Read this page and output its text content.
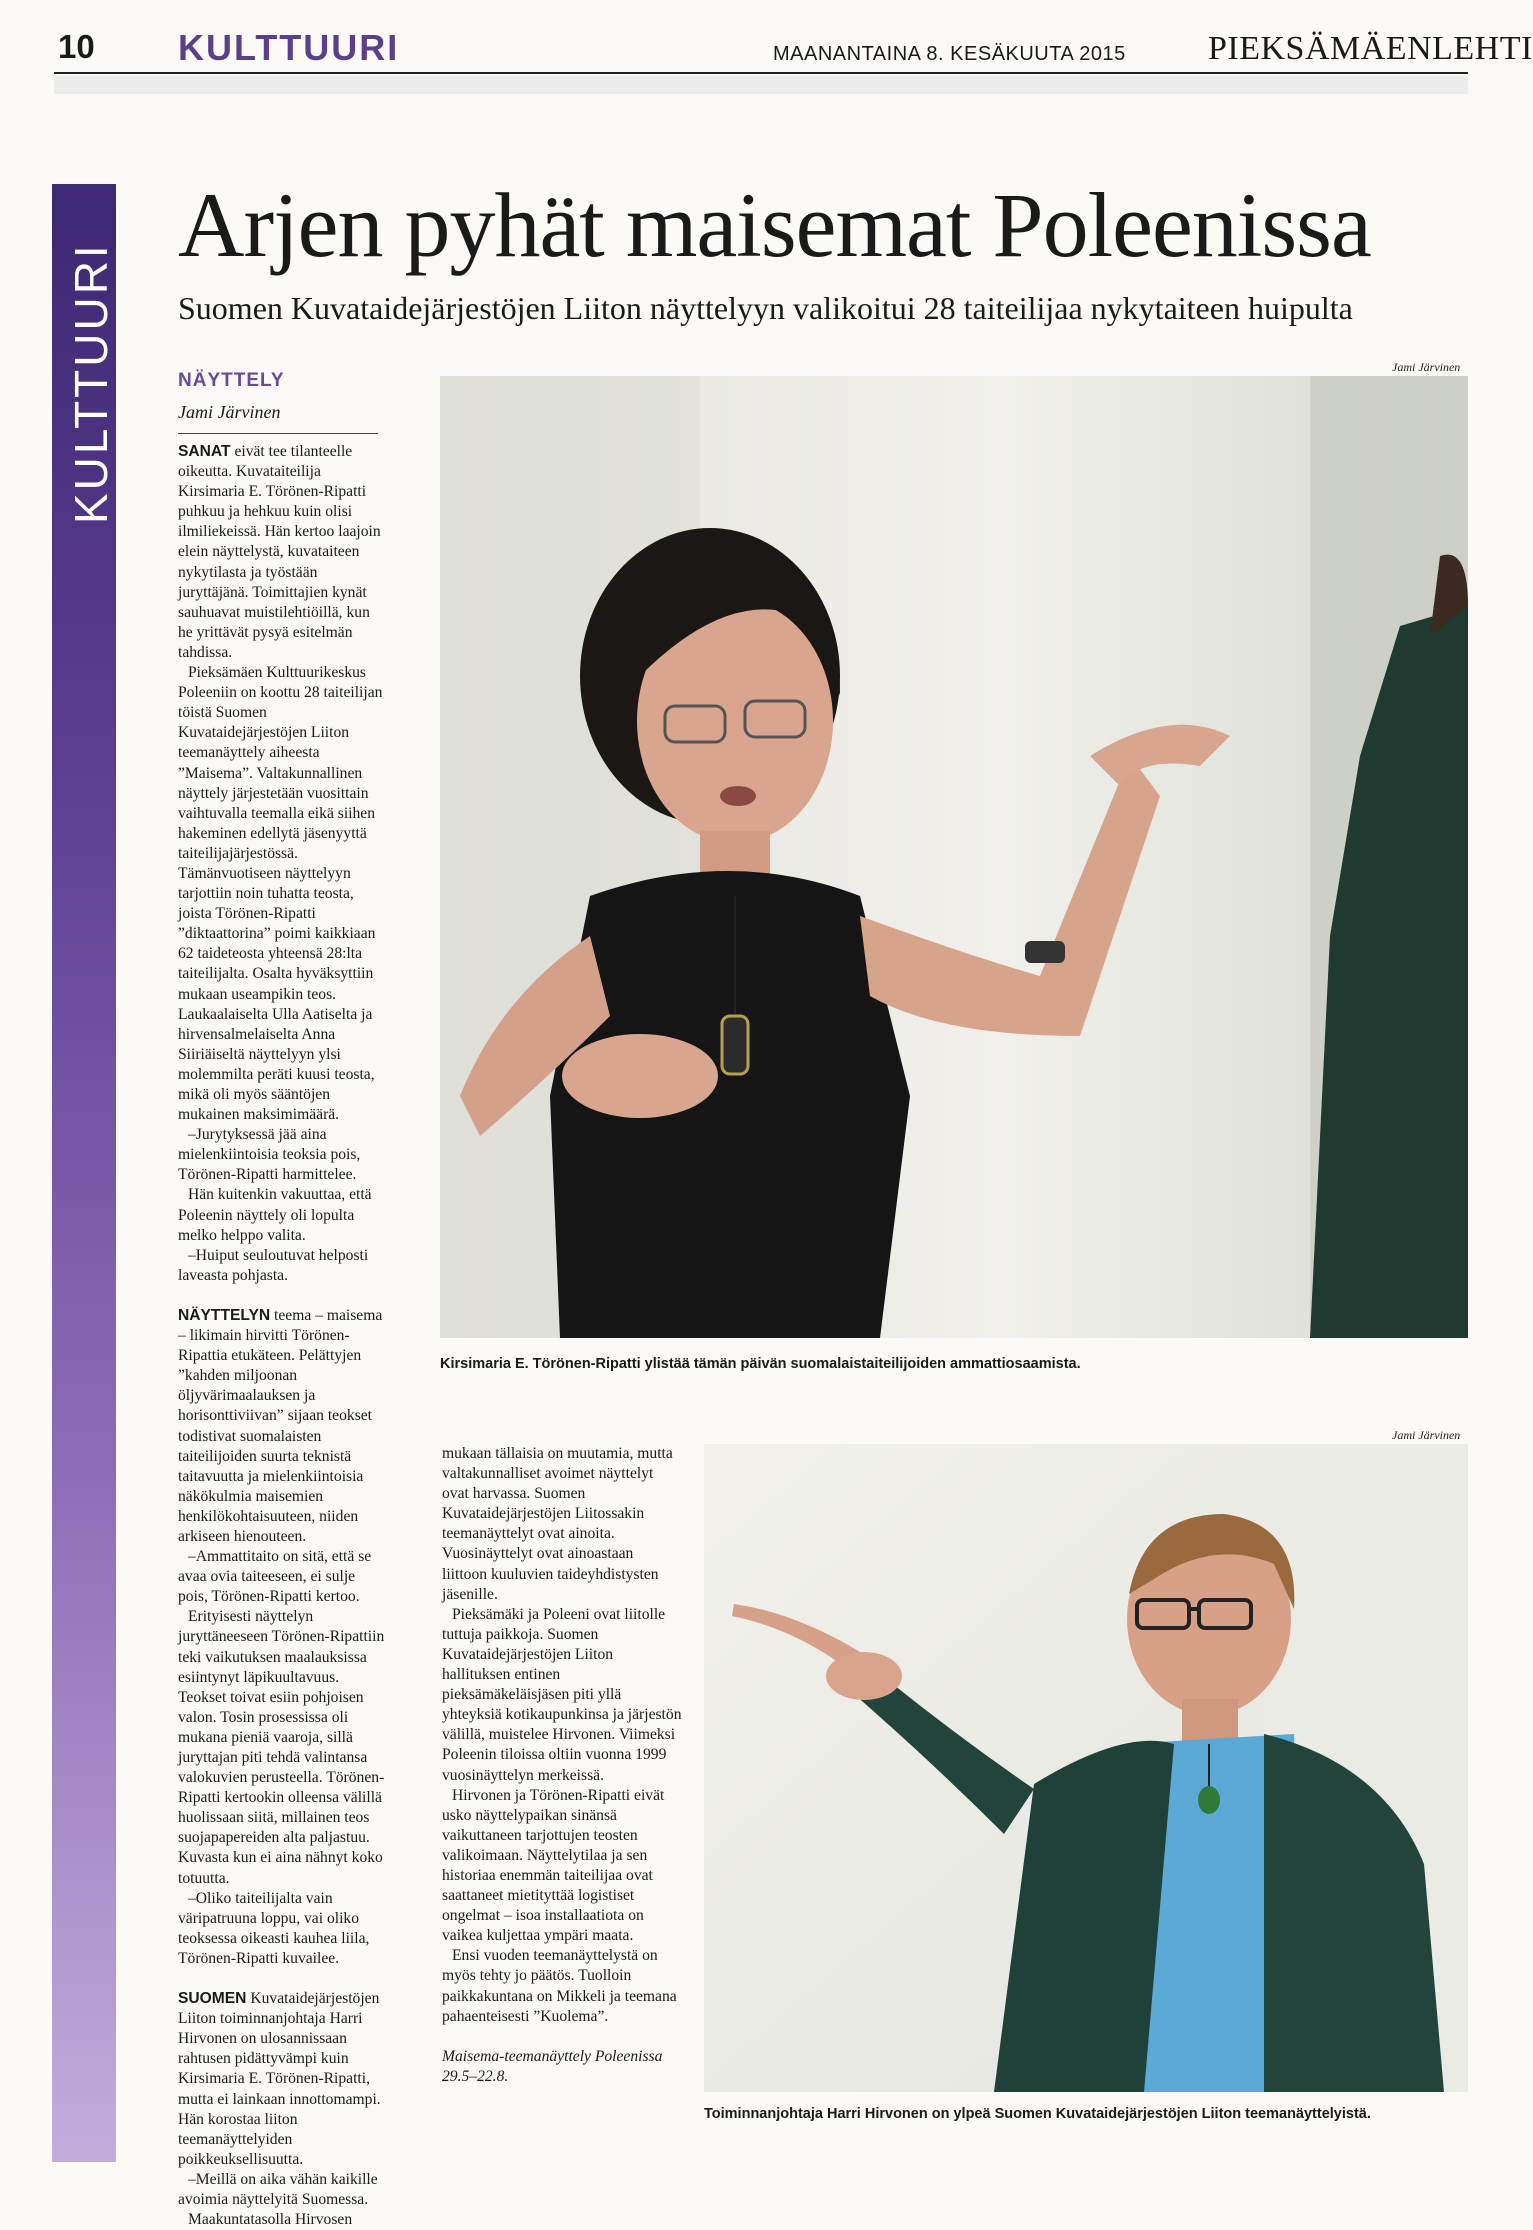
10 KULTTUURI	MAANANTAINA 8. KESÄKUUTA 2015 PIEKSÄMÄENLEHTI
KULTTUURI
Arjen pyhät maisemat Poleenissa
Suomen Kuvataidejärjestöjen Liiton näyttelyyn valikoitui 28 taiteilijaa nykytaiteen huipulta
NÄYTTELY
Jami Järvinen

SANAT eivät tee tilanteelle oikeutta. Kuvataiteilija Kirsimaria E. Törönen-Ripatti puhkuu ja hehkuu kuin olisi ilmiliekeissä. Hän kertoo laajoin elein näyttelystä, kuvataiteen nykytilasta ja työstään juryttäjänä. Toimittajien kynät sauhuavat muistilehtiöillä, kun he yrittävät pysyä esitelmän tahdissa.

Pieksämäen Kulttuurikeskus Poleeniin on koottu 28 taiteilijan töistä Suomen Kuvataidejärjestöjen Liiton teemanäyttely aiheesta ”Maisema”. Valtakunnallinen näyttely järjestetään vuosittain vaihtuvalla teemalla eikä siihen hakeminen edellytä jäsenyyttä taiteilijajärjestössä. Tämänvuotiseen näyttelyyn tarjottiin noin tuhatta teosta, joista Törönen-Ripatti ”diktaattorina” poimi kaikkiaan 62 taideteosta yhteensä 28:lta taiteilijalta. Osalta hyväksyttiin mukaan useampikin teos. Laukaalaiselta Ulla Aatiselta ja hirvensalmelaiselta Anna Siiriäiseltä näyttelyyn ylsi molemmilta peräti kuusi teosta, mikä oli myös sääntöjen mukainen maksimimäärä.

–Jurytyksessä jää aina mielenkiintoisia teoksia pois, Törönen-Ripatti harmittelee.

Hän kuitenkin vakuuttaa, että Poleenin näyttely oli lopulta melko helppo valita.

–Huiput seuloutuvat helposti laveasta pohjasta.

NÄYTTELYN teema – maisema – likimain hirvitti Törönen-Ripattia etukäteen. Pelättyjen ”kahden miljoonan öljyvärimaalauksen ja horisonttiviivan” sijaan teokset todistivat suomalaisten taiteilijoiden suurta teknistä taitavuutta ja mielenkiintoisia näkökulmia maisemien henkilökohtaisuuteen, niiden arkiseen hienouteen.

–Ammattitaito on sitä, että se avaa ovia taiteeseen, ei sulje pois, Törönen-Ripatti kertoo.

Erityisesti näyttelyn juryttäneeseen Törönen-Ripattiin teki vaikutuksen maalauksissa esiintynyt läpikuultavuus. Teokset toivat esiin pohjoisen valon. Tosin prosessissa oli mukana pieniä vaaroja, sillä juryttajan piti tehdä valintansa valokuvien perusteella. Törönen-Ripatti kertookin olleensa välillä huolissaan siitä, millainen teos suojapapereiden alta paljastuu. Kuvasta kun ei aina nähnyt koko totuutta.

–Oliko taiteilijalta vain väripatruuna loppu, vai oliko teoksessa oikeasti kauhea liila, Törönen-Ripatti kuvailee.

SUOMEN Kuvataidejärjestöjen Liiton toiminnanjohtaja Harri Hirvonen on ulosannissaan rahtusen pidättyvämpi kuin Kirsimaria E. Törönen-Ripatti, mutta ei lainkaan innottomampi. Hän korostaa liiton teemanäyttelyiden poikkeuksellisuutta.

–Meillä on aika vähän kaikille avoimia näyttelyitä Suomessa.

Maakuntatasolla Hirvosen

Jami Järvinen
Kirsimaria E. Törönen-Ripatti ylistää tämän päivän suomalaistaiteilijoiden ammattiosaamista.

mukaan tällaisia on muutamia, mutta valtakunnalliset avoimet näyttelyt ovat harvassa. Suomen Kuvataidejärjestöjen Liitossakin teemanäyttelyt ovat ainoita. Vuosinäyttelyt ovat ainoastaan liittoon kuuluvien taideyhdistysten jäsenille.

Pieksämäki ja Poleeni ovat liitolle tuttuja paikkoja. Suomen Kuvataidejärjestöjen Liiton hallituksen entinen pieksämäkeläisjäsen piti yllä yhteyksiä kotikaupunkinsa ja järjestön välillä, muistelee Hirvonen. Viimeksi Poleenin tiloissa oltiin vuonna 1999 vuosinäyttelyn merkeissä.

Hirvonen ja Törönen-Ripatti eivät usko näyttelypaikan sinänsä vaikuttaneen tarjottujen teosten valikoimaan. Näyttelytilaa ja sen historiaa enemmän taiteilijaa ovat saattaneet mietityttää logistiset ongelmat – isoa installaatiota on vaikea kuljettaa ympäri maata.

Ensi vuoden teemanäyttelystä on myös tehty jo päätös. Tuolloin paikkakuntana on Mikkeli ja teemana pahaenteisesti ”Kuolema”.

Maisema-teemanäyttely Poleenissa 29.5–22.8.

Jami Järvinen
Toiminnanjohtaja Harri Hirvonen on ylpeä Suomen Kuvataidejärjestöjen Liiton teemanäyttelyistä.
